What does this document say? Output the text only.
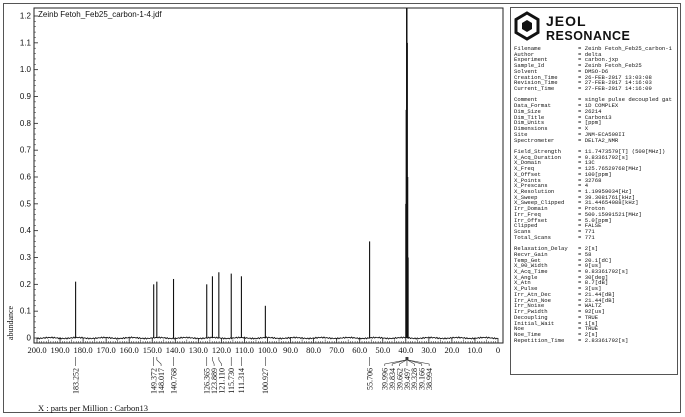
Zeinb Fetoh_Feb25_carbon-1-4.jdf
0
0.1
0.2
0.3
0.4
0.5
0.6
0.7
0.8
0.9
1.0
1.1
1.2
abundance
200.0 190.0 180.0 170.0 160.0 150.0 140.0 130.0 120.0 110.0 100.0 90.0 80.0 70.0 60.0 50.0 40.0 30.0 20.0 10.0 0
183.252	149.372
148.017 140.768	126.365
123.889
121.110 115.730 111.314 100.927	55.706 39.996
39.834
39.662
39.497
39.328
39.166
38.994
X : parts per Million : Carbon13
JEOL
RESONANCE
Filename	= Zeinb Fetoh_Feb25_carbon-1
Author	= delta
Experiment	= carbon.jxp
Sample_Id	= Zeinb Fetoh_Feb25
Solvent	= DMSO-D6
Creation_Time	= 26-FEB-2017 13:03:08
Revision_Time	= 27-FEB-2017 14:16:03
Current_Time	= 27-FEB-2017 14:16:09
Comment	= single pulse decoupled gat
Data_Format	= 1D COMPLEX
Dim_Size	= 26214
Dim_Title	= Carbon13
Dim_Units	= [ppm]
Dimensions	= X
Site	= JNM-ECA500II
Spectrometer	= DELTA2_NMR
Field_Strength	= 11.7473579[T] (500[MHz])
X_Acq_Duration	= 0.83361792[s]
X_Domain	= 13C
X_Freq	= 125.76529768[MHz]
X_Offset	= 100[ppm]
X_Points	= 32768
X_Prescans	= 4
X_Resolution	= 1.19959034[Hz]
X_Sweep	= 39.3081761[kHz]
X_Sweep_Clipped = 31.44654088[kHz]
Irr_Domain	= Proton
Irr_Freq	= 500.15991521[MHz]
Irr_Offset	= 5.0[ppm]
Clipped	= FALSE
Scans	= 771
Total_Scans	= 771
Relaxation_Delay = 2[s]
Recvr_Gain	= 58
Temp_Get	= 20.1[dC]
X_90_Width	= 9[us]
X_Acq_Time	= 0.83361792[s]
X_Angle	= 30[deg]
X_Atn	= 8.7[dB]
X_Pulse	= 3[us]
Irr_Atn_Dec	= 21.44[dB]
Irr_Atn_Noe	= 21.44[dB]
Irr_Noise	= WALTZ
Irr_Pwidth	= 92[us]
Decoupling	= TRUE
Initial_Wait	= 1[s]
Noe	= TRUE
Noe_Time	= 2[s]
Repetition_Time = 2.83361792[s]
